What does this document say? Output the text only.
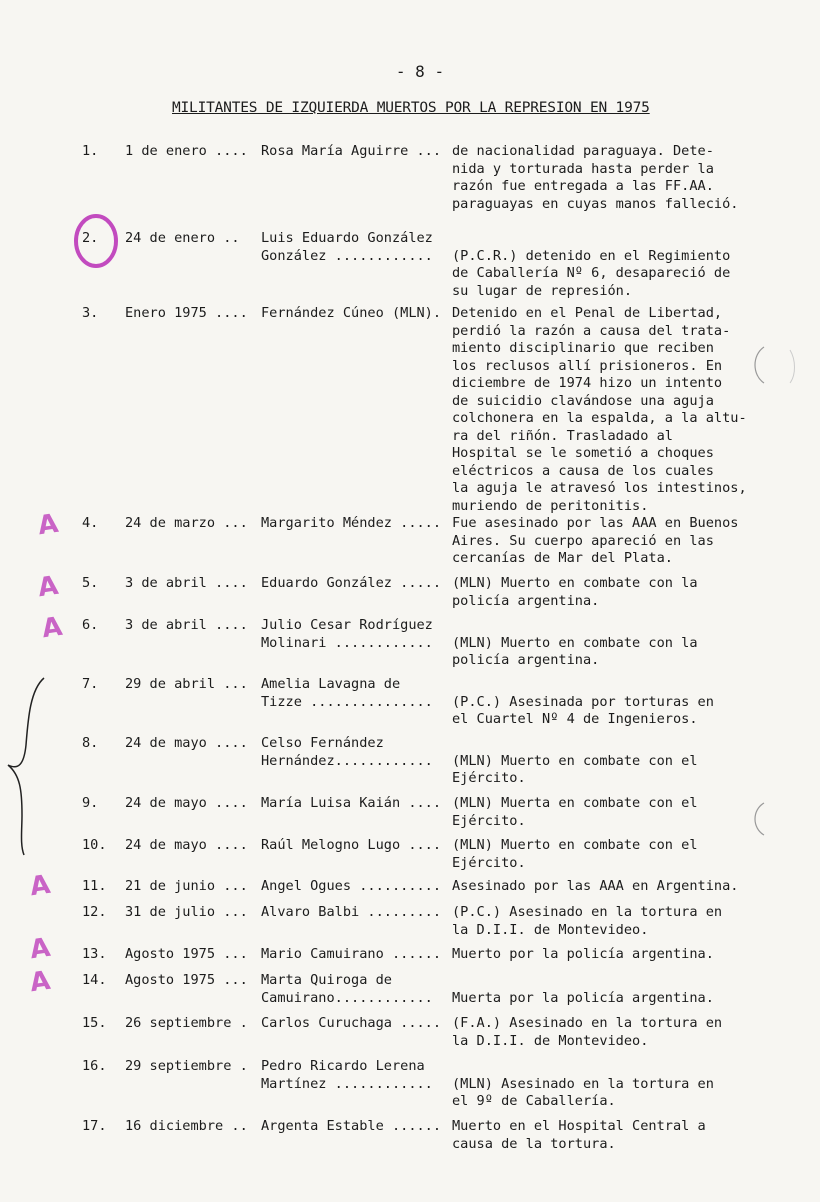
- 8 -
MILITANTES DE IZQUIERDA MUERTOS POR LA REPRESION EN 1975
1.	1 de enero .... Rosa María Aguirre ... de nacionalidad paraguaya. Dete-
nida y torturada hasta perder la
razón fue entregada a las FF.AA.
paraguayas en cuyas manos falleció.
2.	24 de enero ..	Luis Eduardo González
González ............	
(P.C.R.) detenido en el Regimiento
de Caballería Nº 6, desapareció de
su lugar de represión.
3.	Enero 1975 .... Fernández Cúneo (MLN). Detenido en el Penal de Libertad,
perdió la razón a causa del trata-
miento disciplinario que reciben
los reclusos allí prisioneros. En
diciembre de 1974 hizo un intento
de suicidio clavándose una aguja
colchonera en la espalda, a la altu-
ra del riñón. Trasladado al
Hospital se le sometió a choques
eléctricos a causa de los cuales
la aguja le atravesó los intestinos,
muriendo de peritonitis.
4.	24 de marzo ... Margarito Méndez ..... Fue asesinado por las AAA en Buenos
Aires. Su cuerpo apareció en las
cercanías de Mar del Plata.
5.	3 de abril .... Eduardo González ..... (MLN) Muerto en combate con la
policía argentina.
6.	3 de abril .... Julio Cesar Rodríguez
Molinari ............	
(MLN) Muerto en combate con la
policía argentina.
7.	29 de abril ... Amelia Lavagna de
Tizze ...............	
(P.C.) Asesinada por torturas en
el Cuartel Nº 4 de Ingenieros.
8.	24 de mayo .... Celso Fernández
Hernández............	
(MLN) Muerto en combate con el
Ejército.
9.	24 de mayo .... María Luisa Kaián .... (MLN) Muerta en combate con el
Ejército.
10.	24 de mayo .... Raúl Melogno Lugo .... (MLN) Muerto en combate con el
Ejército.
11.	21 de junio ... Angel Ogues .......... Asesinado por las AAA en Argentina.
12.	31 de julio ... Alvaro Balbi ......... (P.C.) Asesinado en la tortura en
la D.I.I. de Montevideo.
13.	Agosto 1975 ... Mario Camuirano ...... Muerto por la policía argentina.
14.	Agosto 1975 ... Marta Quiroga de
Camuirano............	
Muerta por la policía argentina.
15.	26 septiembre . Carlos Curuchaga ..... (F.A.) Asesinado en la tortura en
la D.I.I. de Montevideo.
16.	29 septiembre . Pedro Ricardo Lerena
Martínez ............	
(MLN) Asesinado en la tortura en
el 9º de Caballería.
17.	16 diciembre .. Argenta Estable ...... Muerto en el Hospital Central a
causa de la tortura.
A
A
A
A
A
A
